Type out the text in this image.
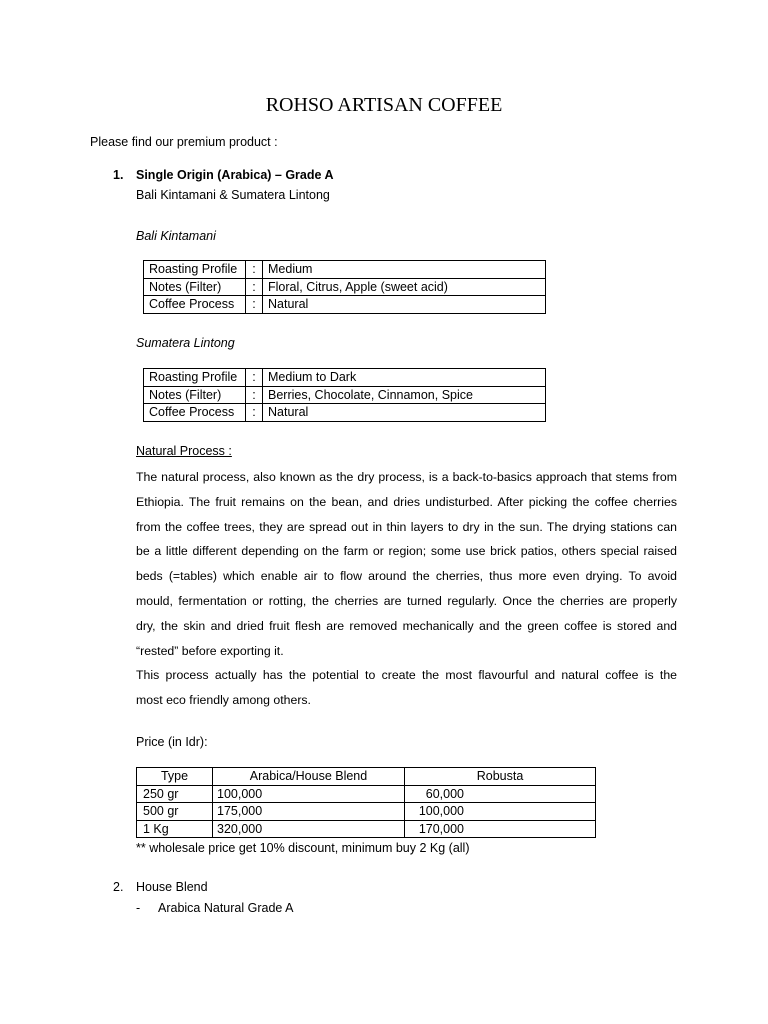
ROHSO ARTISAN COFFEE
Please find our premium product :
1. Single Origin (Arabica) – Grade A
Bali Kintamani & Sumatera Lintong
Bali Kintamani
Roasting Profile	:	Medium
Notes (Filter)	:	Floral, Citrus, Apple (sweet acid)
Coffee Process	:	Natural
Sumatera Lintong
Roasting Profile	:	Medium to Dark
Notes (Filter)	:	Berries, Chocolate, Cinnamon, Spice
Coffee Process	:	Natural
Natural Process :
The natural process, also known as the dry process, is a back-to-basics approach that stems from
Ethiopia. The fruit remains on the bean, and dries undisturbed. After picking the coffee cherries
from the coffee trees, they are spread out in thin layers to dry in the sun. The drying stations can
be a little different depending on the farm or region; some use brick patios, others special raised
beds (=tables) which enable air to flow around the cherries, thus more even drying. To avoid
mould, fermentation or rotting, the cherries are turned regularly. Once the cherries are properly
dry, the skin and dried fruit flesh are removed mechanically and the green coffee is stored and
“rested” before exporting it.
This process actually has the potential to create the most flavourful and natural coffee is the
most eco friendly among others.
Price (in Idr):
Type	Arabica/House Blend	Robusta
250 gr	100,000	60,000
500 gr	175,000	100,000
1 Kg	320,000	170,000
** wholesale price get 10% discount, minimum buy 2 Kg (all)
2. House Blend
- Arabica Natural Grade A
